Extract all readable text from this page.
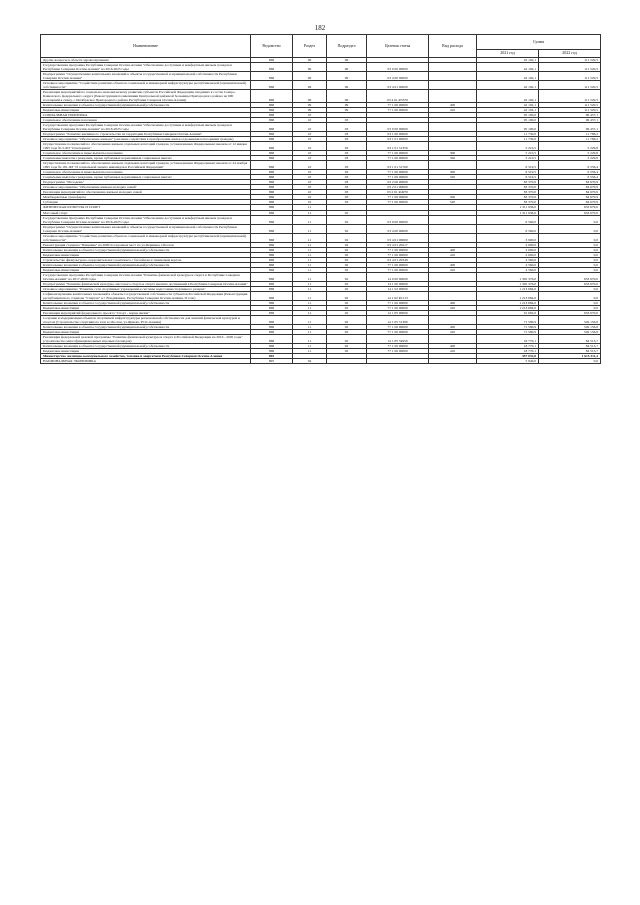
182
Наименование	Ведомство	Раздел	Подраздел	Целевая статья	Вид расхода	Сумма	
						2021 год	2022 год
Другие вопросы в области здравоохранения	868	09	09			42 192,1	111 520,5
Государственная программа Республики Северная Осетия-Алания "Обеспечение доступным и комфортным жильем граждан в Республике Северная Осетия-Алания" на 2016-2025 годы	868	09	09	03 0 00 00000		42 192,1	111 520,5
Подпрограмма "Осуществление капитальных вложений в объекты государственной и муниципальной собственности Республики Северная Осетия-Алания"	868	09	09	03 4 00 00000		42 192,1	111 520,5
Основное мероприятие "Содействие развитию объектов социальной и инженерной инфраструктуры республиканской (муниципальной) собственности"	868	09	09	03 4 01 00000		42 192,1	111 520,5
Реализация мероприятий по социально-экономическому развитию субъектов Российской Федерации, входящих в состав Северо-Кавказского федерального округа (Реконструкция поликлиники Центральной районной больницы Пригородного района на 600 посещений в смену, с.Октябрьское Пригородного района Республики Северная Осетия-Алания)	868	09	09	03 4 01 R5376		42 192,1	111 520,5
Капитальные вложения в объекты государственной (муниципальной) собственности	868	09	09	77 1 06 00000	400	42 192,1	111 520,5
Бюджетные инвестиции	868	09	09	77 1 06 00000	410	42 192,1	111 520,5
СОЦИАЛЬНАЯ ПОЛИТИКА	868	10				95 100,0	96 457,1
Социальное обеспечение населения	868	10	03			95 100,0	96 457,1
Государственная программа Республики Северная Осетия-Алания "Обеспечение доступным и комфортным жильем граждан в Республике Северная Осетия-Алания" на 2016-2025 годы	868	10	03	03 0 00 00000		95 100,0	96 457,1
Подпрограмма "Развитие жилищного строительства на территории Республики Северная Осетия-Алания"	868	10	03	03 1 00 00000		11 730,0	11 786,2
Основное мероприятие "Обеспечение жильем" (оказание содействия в приобретении жилья отдельными категориями граждан)	868	10	03	03 1 01 00000		11 730,0	11 786,2
Осуществление полномочий по обеспечению жильем отдельных категорий граждан, установленных Федеральным законом от 12 января 1995 года № 5-ФЗ "О ветеранах"	868	10	03	03 1 01 51350		5 210,5	5 229,8
Социальное обеспечение и иные выплаты населению	868	10	03	77 1 06 00000	300	5 210,5	5 229,8
Социальные выплаты гражданам, кроме публичных нормативных социальных выплат	868	10	03	77 1 06 00000	320	5 210,5	5 229,8
Осуществление полномочий по обеспечению жильем отдельных категорий граждан, установленных Федеральным законом от 24 ноября 1995 года № 181-ФЗ "О социальной защите инвалидов в Российской Федерации"	868	10	03	03 1 01 51760		6 519,5	6 556,4
Социальное обеспечение и иные выплаты населению	868	10	03	77 1 06 00000	300	6 519,5	6 556,4
Социальные выплаты гражданам, кроме публичных нормативных социальных выплат	868	10	03	77 1 06 00000	320	6 519,5	6 556,4
Подпрограмма "Молодежь"	868	10	03	03 2 00 00000		83 370,0	84 670,9
Основное мероприятие "Обеспечение жильем молодых семей"	868	10	03	03 2 01 00000		83 370,0	84 670,9
Реализация мероприятий по обеспечению жильем молодых семей	868	10	03	03 2 01 R4970		83 370,0	84 670,9
Межбюджетные трансферты	868	10	03	77 1 06 00000	500	83 370,0	84 670,9
Субсидии	868	10	03	77 1 06 00000	520	83 370,0	84 670,9
ФИЗИЧЕСКАЯ КУЛЬТУРА И СПОРТ	868	11				1 311 936,0	633 679,0
Массовый спорт	868	11	02			1 311 936,0	633 679,0
Государственная программа Республики Северная Осетия-Алания "Обеспечение доступным и комфортным жильем граждан в Республике Северная Осетия-Алания" на 2016-2025 годы	868	11	02	03 0 00 00000		6 560,0	0,0
Подпрограмма "Осуществление капитальных вложений в объекты государственной и муниципальной собственности Республики Северная Осетия-Алания"	868	11	02	03 4 00 00000		6 560,0	0,0
Основное мероприятие "Содействие развитию объектов социальной и инженерной инфраструктуры республиканской (муниципальной) собственности"	868	11	02	03 4 01 00000		3 900,0	0,0
Реконструкция стадиона "Пищевик" на 2000 посадочных мест по ул.Першина, г.Беслан	868	11	02	03 4 01 20217		2 000,0	0,0
Капитальные вложения в объекты государственной (муниципальной) собственности	868	11	02	77 1 06 00000	400	2 000,0	0,0
Бюджетные инвестиции	868	11	02	77 1 06 00000	410	2 000,0	0,0
Строительство физкультурно-оздоровительного комплекса с бассейном и теннисным кортом	868	11	02	03 4 01 20348		4 560,0	0,0
Капитальные вложения в объекты государственной (муниципальной) собственности	868	11	02	77 1 06 00000	400	4 560,0	0,0
Бюджетные инвестиции	868	11	02	77 1 06 00000	410	4 560,0	0,0
Государственная программа Республики Северная Осетия-Алания "Развитие физической культуры и спорта в Республике Северная Осетия-Алания" на 2017-2020 годы	868	11	02	14 0 00 00000		1 305 376,0	633 679,0
Подпрограмма "Развитие физической культуры, массового спорта и спорта высших достижений в Республике Северная Осетия-Алания"	868	11	02	14 1 00 00000		1 305 376,0	633 679,0
Основное мероприятие "Развитие сети спортивных учреждений и системы подготовки спортивного резерва"	868	11	02	14 1 02 00000		1 213 684,0	0,0
Софинансирование капитальных вложений в объекты государственной собственности субъектов Российской Федерации (Реконструкция республиканского стадиона "Спартак" в г. Владикавказ, Республика Северная Осетия-Алания, II этап)	868	11	02	14 1 02 R1113		1 213 684,0	0,0
Капитальные вложения в объекты государственной (муниципальной) собственности	868	11	02	77 1 06 00000	400	1 213 684,0	0,0
Бюджетные инвестиции	868	11	02	77 1 06 00000	410	1 213 684,0	0,0
Реализация мероприятий федерального проекта "Спорт - норма жизни"	868	11	02	14 1 P5 00000		91 692,0	633 679,0
Создание и модернизация объектов спортивной инфраструктуры региональной собственности для занятий физической культурой и спортом (Строительство спортивного зала в г.Беслан, ул.Фриева, РСО-Алания)	868	11	02	14 1 P5 51390		71 580,9	549 156,8
Капитальные вложения в объекты государственной (муниципальной) собственности	868	11	02	77 1 06 00000	400	71 580,9	549 156,8
Бюджетные инвестиции	868	11	02	77 1 06 00000	410	71 580,9	549 156,8
Реализация федеральной целевой программы "Развитие физической культуры и спорта в Российской Федерации на 2016 - 2020 годы" (строительство многофункциональных игровых площадок)	868	11	02	14 1 P5 54950		18 770,1	84 513,7
Капитальные вложения в объекты государственной (муниципальной) собственности	868	11	02	77 1 06 00000	400	18 770,1	84 513,7
Бюджетные инвестиции	868	11	02	77 1 06 00000	410	18 770,1	84 513,7
Министерство жилищно-коммунального хозяйства, топлива и энергетики Республики Северная Осетия-Алания	895					457 032,8	1 615 311,4
НАЦИОНАЛЬНАЯ ЭКОНОМИКА	895	04				5 940,0	0,0
